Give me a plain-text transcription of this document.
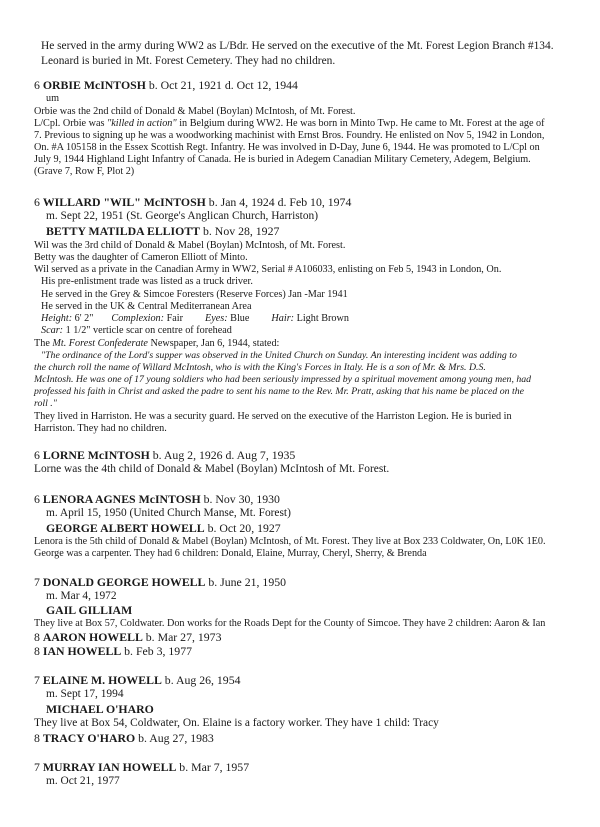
He served in the army during WW2 as L/Bdr. He served on the executive of the Mt. Forest Legion Branch #134.
Leonard is buried in Mt. Forest Cemetery. They had no children.
6 ORBIE McINTOSH b. Oct 21, 1921 d. Oct 12, 1944
um
Orbie was the 2nd child of Donald & Mabel (Boylan) McIntosh, of Mt. Forest.
L/Cpl. Orbie was "killed in action" in Belgium during WW2. He was born in Minto Twp. He came to Mt. Forest at the age of
7. Previous to signing up he was a woodworking machinist with Ernst Bros. Foundry. He enlisted on Nov 5, 1942 in London,
On. #A 105158 in the Essex Scottish Regt. Infantry. He was involved in D-Day, June 6, 1944. He was promoted to L/Cpl on
July 9, 1944 Highland Light Infantry of Canada. He is buried in Adegem Canadian Military Cemetery, Adegem, Belgium.
(Grave 7, Row F, Plot 2)
6 WILLARD "WIL" McINTOSH b. Jan 4, 1924 d. Feb 10, 1974
m. Sept 22, 1951 (St. George's Anglican Church, Harriston)
BETTY MATILDA ELLIOTT b. Nov 28, 1927
Wil was the 3rd child of Donald & Mabel (Boylan) McIntosh, of Mt. Forest.
Betty was the daughter of Cameron Elliott of Minto.
Wil served as a private in the Canadian Army in WW2, Serial # A106033, enlisting on Feb 5, 1943 in London, On.
His pre-enlistment trade was listed as a truck driver.
He served in the Grey & Simcoe Foresters (Reserve Forces) Jan -Mar 1941
He served in the UK & Central Mediterranean Area
Height: 6' 2" Complexion: Fair Eyes: Blue Hair: Light Brown
Scar: 1 1/2" verticle scar on centre of forehead
The Mt. Forest Confederate Newspaper, Jan 6, 1944, stated:
"The ordinance of the Lord's supper was observed in the United Church on Sunday. An interesting incident was adding to
the church roll the name of Willard McIntosh, who is with the King's Forces in Italy. He is a son of Mr. & Mrs. D.S.
McIntosh. He was one of 17 young soldiers who had been seriously impressed by a spiritual movement among young men, had
professed his faith in Christ and asked the padre to sent his name to the Rev. Mr. Pratt, asking that his name be placed on the
roll ."
They lived in Harriston. He was a security guard. He served on the executive of the Harriston Legion. He is buried in
Harriston. They had no children.
6 LORNE McINTOSH b. Aug 2, 1926 d. Aug 7, 1935
Lorne was the 4th child of Donald & Mabel (Boylan) McIntosh of Mt. Forest.
6 LENORA AGNES McINTOSH b. Nov 30, 1930
m. April 15, 1950 (United Church Manse, Mt. Forest)
GEORGE ALBERT HOWELL b. Oct 20, 1927
Lenora is the 5th child of Donald & Mabel (Boylan) McIntosh, of Mt. Forest. They live at Box 233 Coldwater, On, L0K 1E0.
George was a carpenter. They had 6 children: Donald, Elaine, Murray, Cheryl, Sherry, & Brenda
7 DONALD GEORGE HOWELL b. June 21, 1950
m. Mar 4, 1972
GAIL GILLIAM
They live at Box 57, Coldwater. Don works for the Roads Dept for the County of Simcoe. They have 2 children: Aaron & Ian
8 AARON HOWELL b. Mar 27, 1973
8 IAN HOWELL b. Feb 3, 1977
7 ELAINE M. HOWELL b. Aug 26, 1954
m. Sept 17, 1994
MICHAEL O'HARO
They live at Box 54, Coldwater, On. Elaine is a factory worker. They have 1 child: Tracy
8 TRACY O'HARO b. Aug 27, 1983
7 MURRAY IAN HOWELL b. Mar 7, 1957
m. Oct 21, 1977
